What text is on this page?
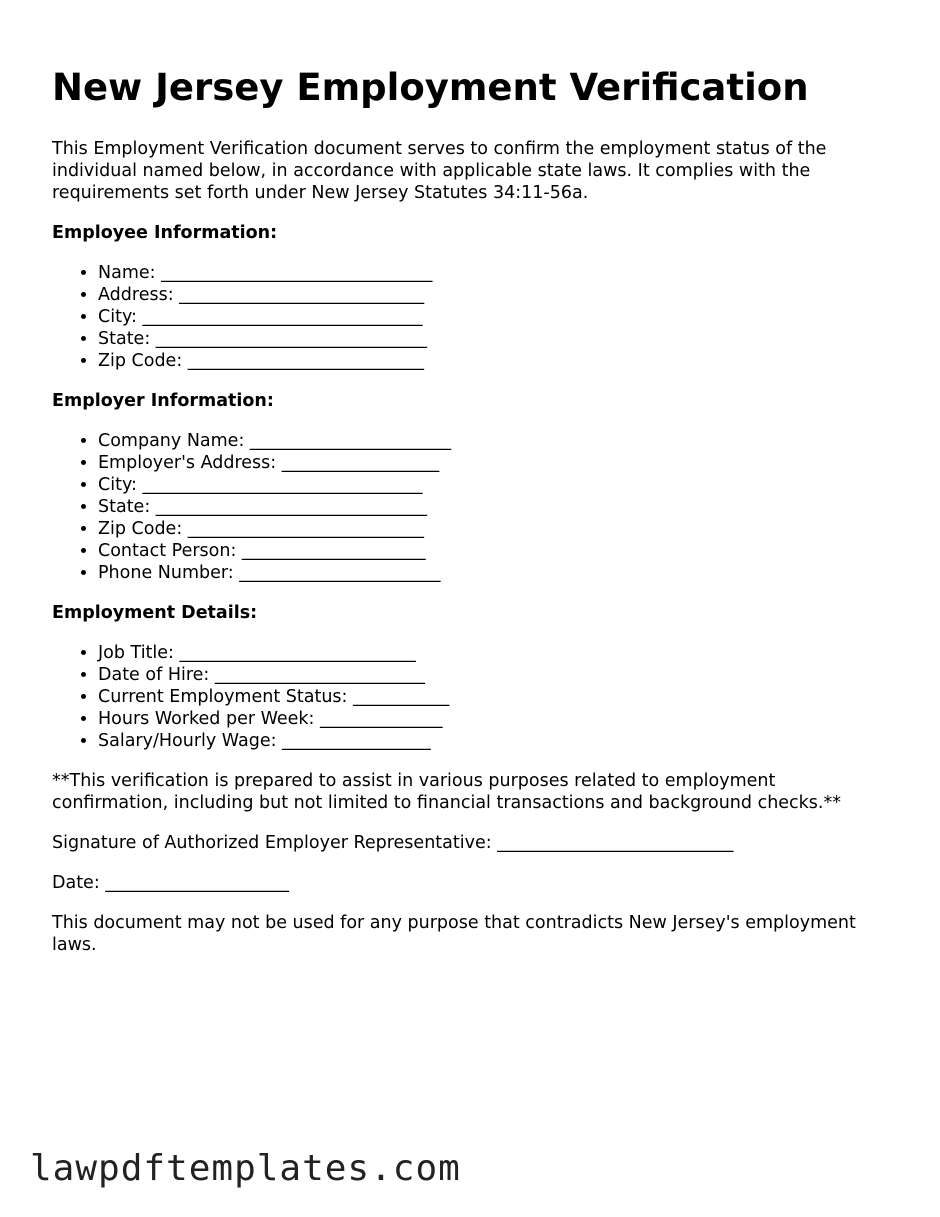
New Jersey Employment Verification

This Employment Verification document serves to confirm the employment status of the individual named below, in accordance with applicable state laws. It complies with the requirements set forth under New Jersey Statutes 34:11-56a.

Employee Information:
• Name: _______________________________
• Address: ____________________________
• City: ________________________________
• State: _______________________________
• Zip Code: ___________________________
Employer Information:
• Company Name: _______________________
• Employer's Address: __________________
• City: ________________________________
• State: _______________________________
• Zip Code: ___________________________
• Contact Person: _____________________
• Phone Number: _______________________
Employment Details:
• Job Title: ___________________________
• Date of Hire: ________________________
• Current Employment Status: ___________
• Hours Worked per Week: ______________
• Salary/Hourly Wage: _________________

**This verification is prepared to assist in various purposes related to employment confirmation, including but not limited to financial transactions and background checks.**

Signature of Authorized Employer Representative: ___________________________

Date: _____________________

This document may not be used for any purpose that contradicts New Jersey's employment laws.

lawpdftemplates.com
